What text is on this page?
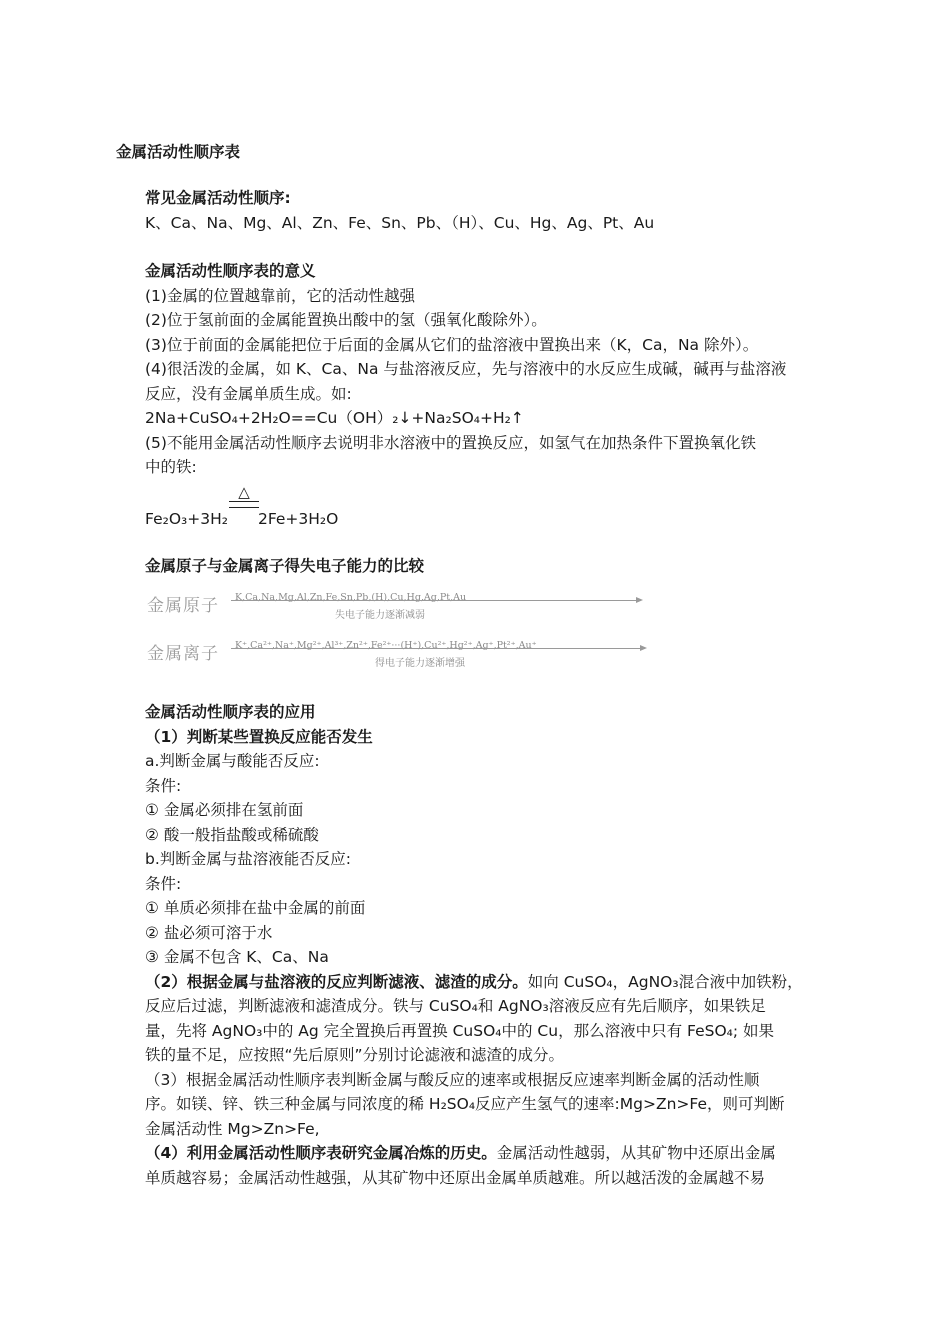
金属活动性顺序表

常见金属活动性顺序:

K、Ca、Na、Mg、Al、Zn、Fe、Sn、Pb、（H）、Cu、Hg、Ag、Pt、Au

金属活动性顺序表的意义

(1)金属的位置越靠前，它的活动性越强

(2)位于氢前面的金属能置换出酸中的氢（强氧化酸除外）。

(3)位于前面的金属能把位于后面的金属从它们的盐溶液中置换出来（K，Ca，Na 除外）。

(4)很活泼的金属，如 K、Ca、Na 与盐溶液反应，先与溶液中的水反应生成碱，碱再与盐溶液

反应，没有金属单质生成。如:

2Na+CuSO₄+2H₂O==Cu（OH）₂↓+Na₂SO₄+H₂↑

(5)不能用金属活动性顺序去说明非水溶液中的置换反应，如氢气在加热条件下置换氧化铁

中的铁:

△
Fe₂O₃+3H₂ 2Fe+3H₂O

金属原子与金属离子得失电子能力的比较

金属原子 K,Ca,Na,Mg,Al,Zn,Fe,Sn,Pb,(H),Cu,Hg,Ag,Pt,Au
失电子能力逐渐减弱
金属离子 K⁺,Ca²⁺,Na⁺,Mg²⁺,Al³⁺,Zn²⁺,Fe²⁺···(H⁺),Cu²⁺,Hg²⁺,Ag⁺,Pt²⁺,Au⁺
得电子能力逐渐增强

金属活动性顺序表的应用

（1）判断某些置换反应能否发生

a.判断金属与酸能否反应:

条件:

① 金属必须排在氢前面

② 酸一般指盐酸或稀硫酸

b.判断金属与盐溶液能否反应:

条件:

① 单质必须排在盐中金属的前面

② 盐必须可溶于水

③ 金属不包含 K、Ca、Na

（2）根据金属与盐溶液的反应判断滤液、滤渣的成分。如向 CuSO₄，AgNO₃混合液中加铁粉，

反应后过滤，判断滤液和滤渣成分。铁与 CuSO₄和 AgNO₃溶液反应有先后顺序，如果铁足

量，先将 AgNO₃中的 Ag 完全置换后再置换 CuSO₄中的 Cu，那么溶液中只有 FeSO₄; 如果

铁的量不足，应按照“先后原则”分别讨论滤液和滤渣的成分。

（3）根据金属活动性顺序表判断金属与酸反应的速率或根据反应速率判断金属的活动性顺

序。如镁、锌、铁三种金属与同浓度的稀 H₂SO₄反应产生氢气的速率:Mg>Zn>Fe，则可判断

金属活动性 Mg>Zn>Fe,

（4）利用金属活动性顺序表研究金属冶炼的历史。金属活动性越弱，从其矿物中还原出金属

单质越容易；金属活动性越强，从其矿物中还原出金属单质越难。所以越活泼的金属越不易
